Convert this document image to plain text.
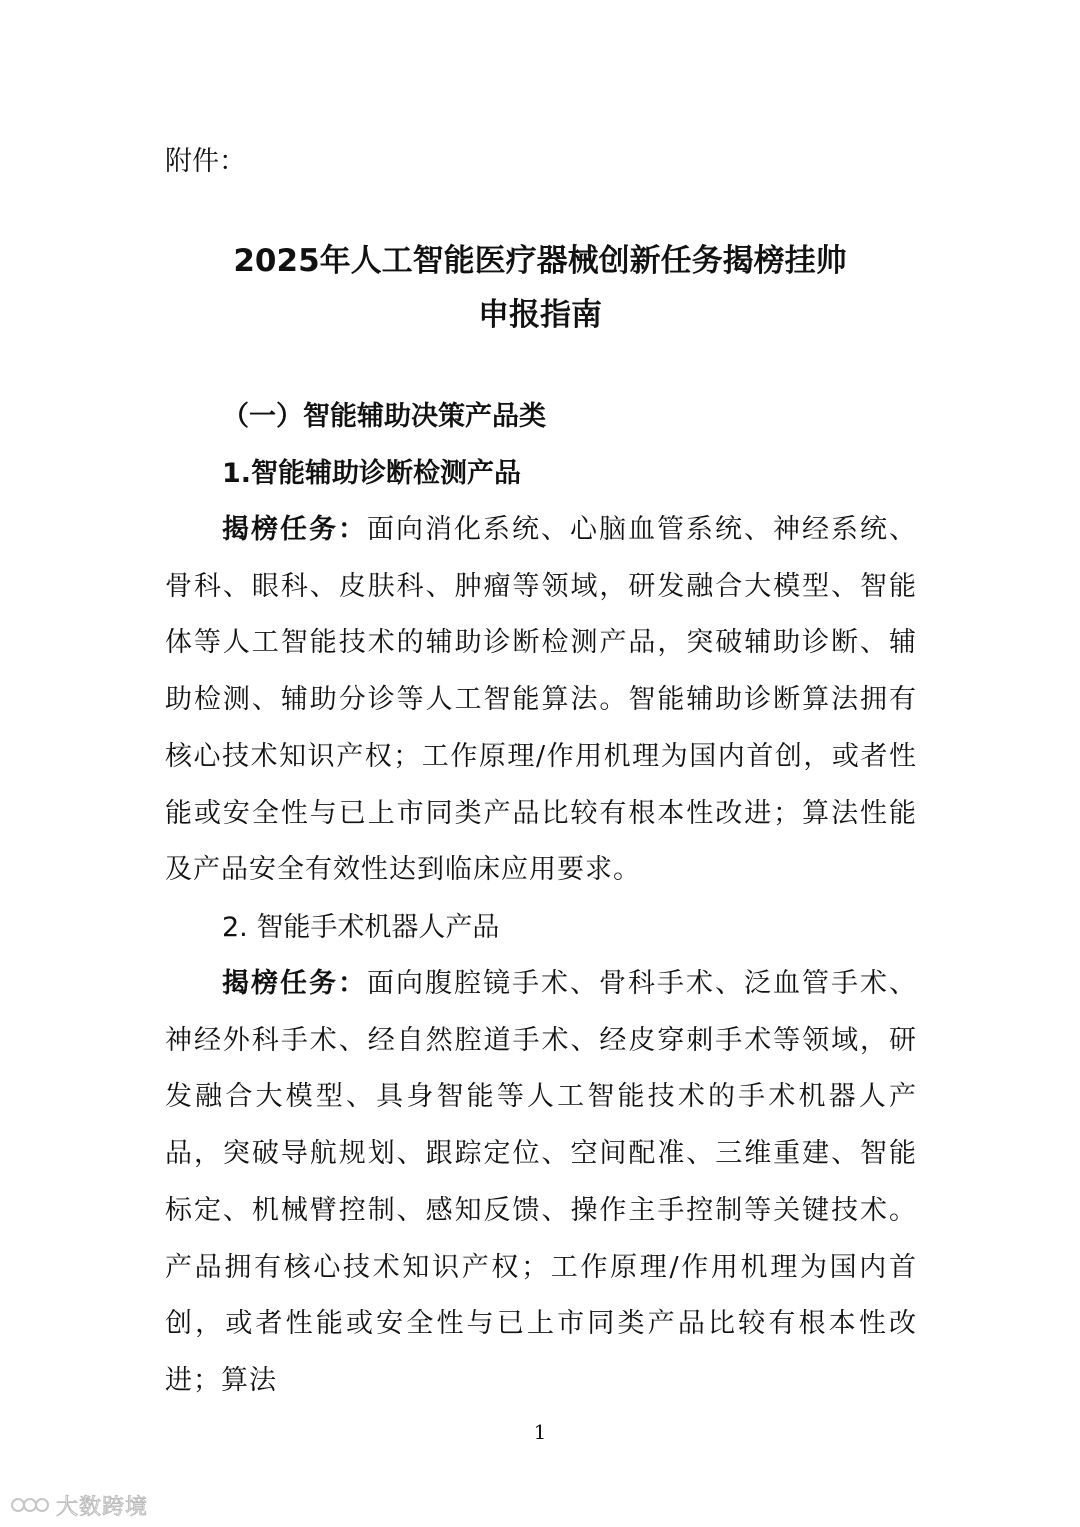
附件：
2025年人工智能医疗器械创新任务揭榜挂帅
申报指南
（一）智能辅助决策产品类
1.智能辅助诊断检测产品

揭榜任务：面向消化系统、心脑血管系统、神经系统、骨科、眼科、皮肤科、肿瘤等领域，研发融合大模型、智能体等人工智能技术的辅助诊断检测产品，突破辅助诊断、辅助检测、辅助分诊等人工智能算法。智能辅助诊断算法拥有核心技术知识产权；工作原理/作用机理为国内首创，或者性能或安全性与已上市同类产品比较有根本性改进；算法性能及产品安全有效性达到临床应用要求。

2. 智能手术机器人产品

揭榜任务：面向腹腔镜手术、骨科手术、泛血管手术、神经外科手术、经自然腔道手术、经皮穿刺手术等领域，研发融合大模型、具身智能等人工智能技术的手术机器人产品，突破导航规划、跟踪定位、空间配准、三维重建、智能标定、机械臂控制、感知反馈、操作主手控制等关键技术。产品拥有核心技术知识产权；工作原理/作用机理为国内首创，或者性能或安全性与已上市同类产品比较有根本性改进；算法

1
大数跨境
